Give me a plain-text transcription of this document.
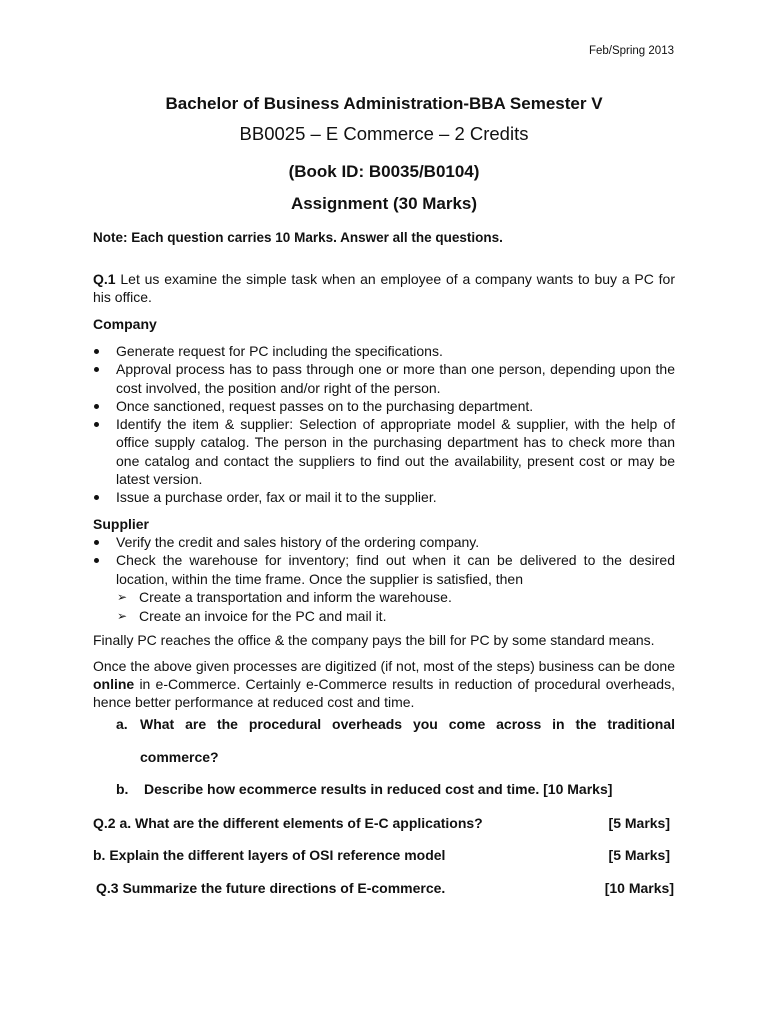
Feb/Spring 2013
Bachelor of Business Administration-BBA Semester V
BB0025 – E Commerce – 2 Credits
(Book ID: B0035/B0104)
Assignment (30 Marks)
Note: Each question carries 10 Marks. Answer all the questions.
Q.1 Let us examine the simple task when an employee of a company wants to buy a PC for his office.
Company
Generate request for PC including the specifications.
Approval process has to pass through one or more than one person, depending upon the cost involved, the position and/or right of the person.
Once sanctioned, request passes on to the purchasing department.
Identify the item & supplier: Selection of appropriate model & supplier, with the help of office supply catalog. The person in the purchasing department has to check more than one catalog and contact the suppliers to find out the availability, present cost or may be latest version.
Issue a purchase order, fax or mail it to the supplier.
Supplier
Verify the credit and sales history of the ordering company.
Check the warehouse for inventory; find out when it can be delivered to the desired location, within the time frame. Once the supplier is satisfied, then
➢ Create a transportation and inform the warehouse.
➢ Create an invoice for the PC and mail it.
Finally PC reaches the office & the company pays the bill for PC by some standard means.
Once the above given processes are digitized (if not, most of the steps) business can be done online in e-Commerce. Certainly e-Commerce results in reduction of procedural overheads, hence better performance at reduced cost and time.
a. What are the procedural overheads you come across in the traditional
commerce?
b. Describe how ecommerce results in reduced cost and time. [10 Marks]
Q.2 a. What are the different elements of E-C applications?	[5 Marks]
b. Explain the different layers of OSI reference model	[5 Marks]
Q.3 Summarize the future directions of E-commerce.	[10 Marks]
